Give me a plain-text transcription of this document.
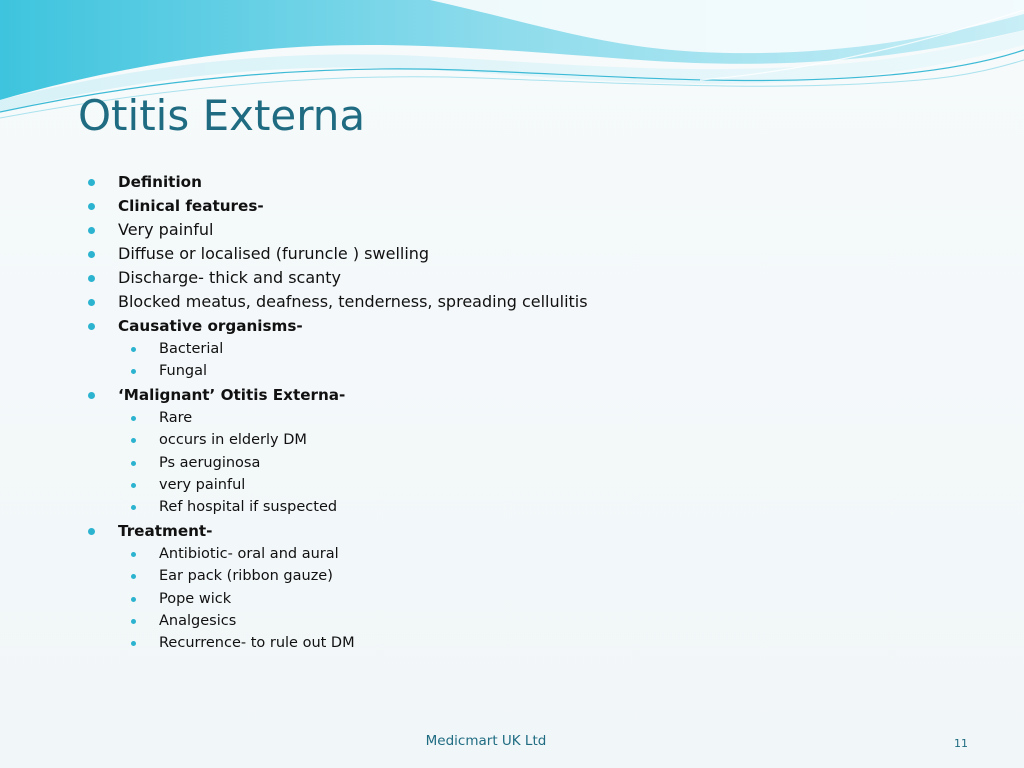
Otitis Externa
Definition
Clinical features-
Very painful
Diffuse or localised (furuncle ) swelling
Discharge- thick and scanty
Blocked meatus, deafness, tenderness, spreading cellulitis
Causative organisms-
Bacterial
Fungal
‘Malignant’ Otitis Externa-
Rare
occurs in elderly DM
Ps aeruginosa
very painful
Ref hospital if suspected
Treatment-
Antibiotic- oral and aural
Ear pack (ribbon gauze)
Pope wick
Analgesics
Recurrence- to rule out DM
Medicmart UK Ltd	11
